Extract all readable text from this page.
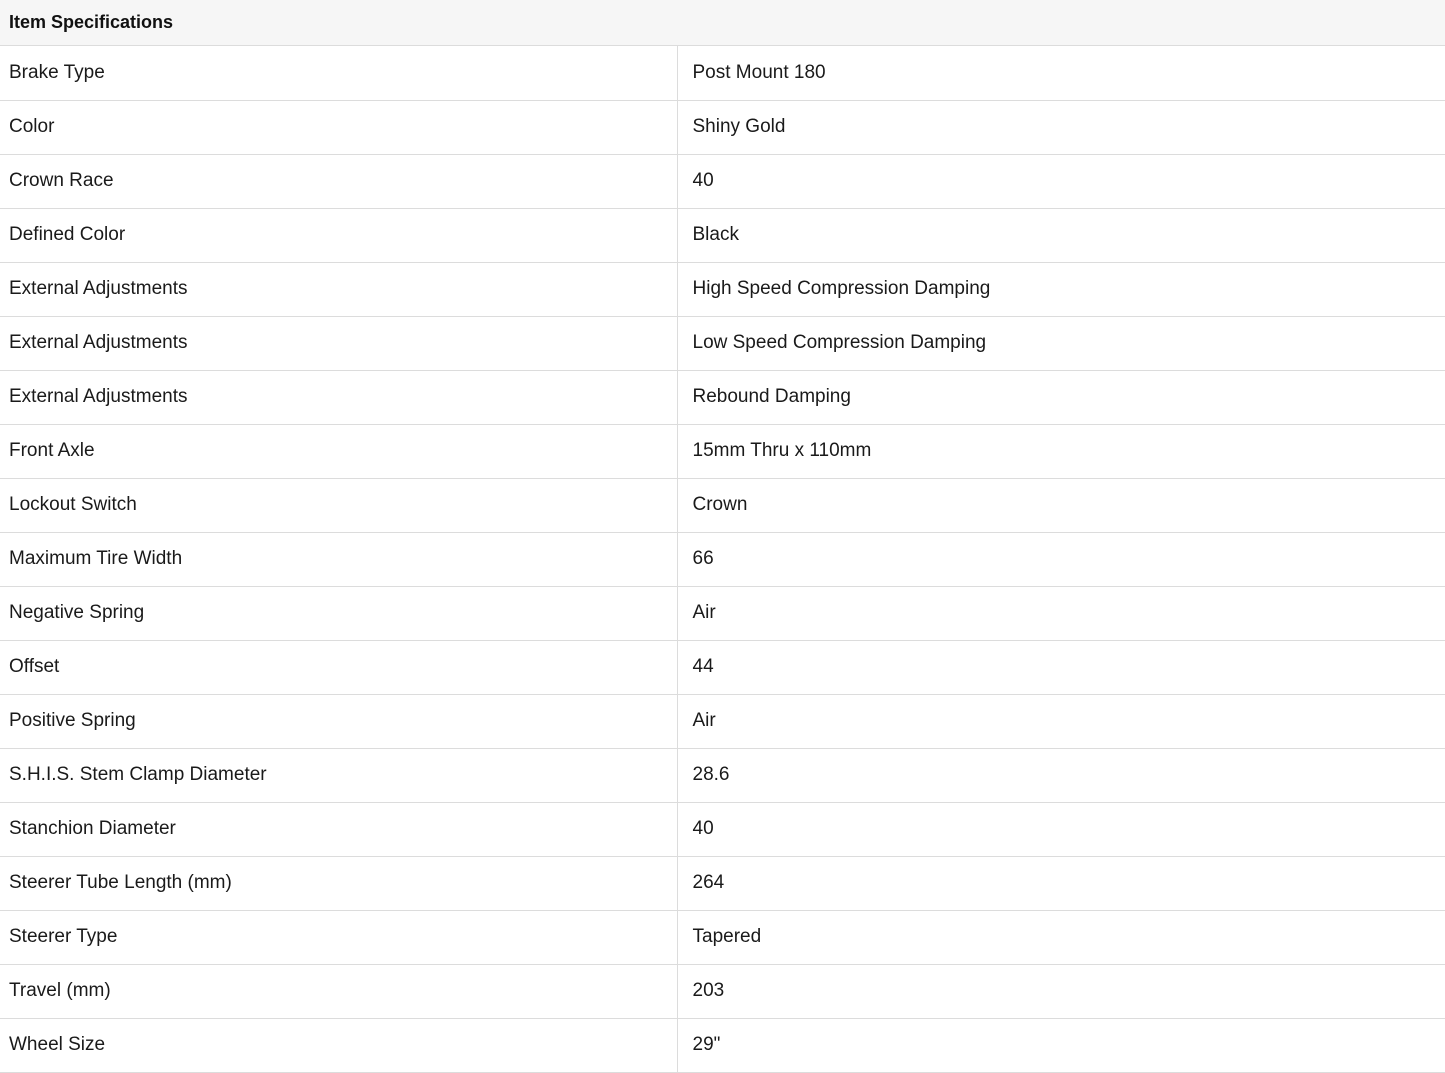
Item Specifications
Brake Type	Post Mount 180
Color	Shiny Gold
Crown Race	40
Defined Color	Black
External Adjustments	High Speed Compression Damping
External Adjustments	Low Speed Compression Damping
External Adjustments	Rebound Damping
Front Axle	15mm Thru x 110mm
Lockout Switch	Crown
Maximum Tire Width	66
Negative Spring	Air
Offset	44
Positive Spring	Air
S.H.I.S. Stem Clamp Diameter	28.6
Stanchion Diameter	40
Steerer Tube Length (mm)	264
Steerer Type	Tapered
Travel (mm)	203
Wheel Size	29"
